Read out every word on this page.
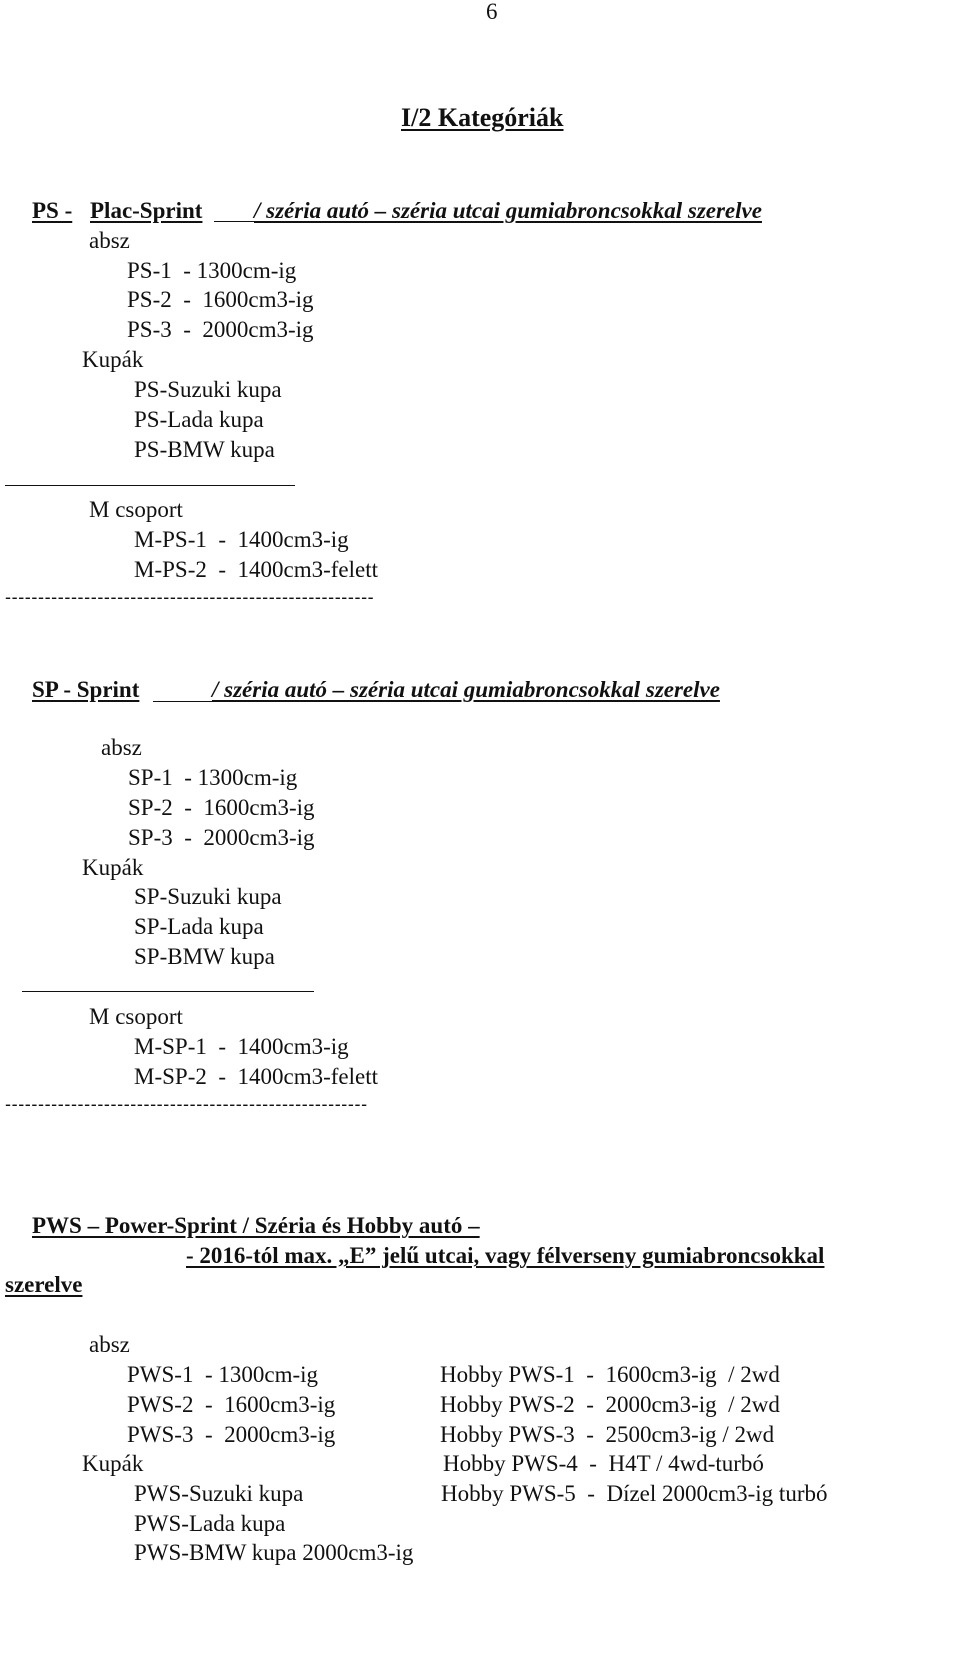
6
I/2 Kategóriák
PS - Plac-Sprint / széria autó – széria utcai gumiabroncsokkal szerelve
absz
PS-1  - 1300cm-ig
PS-2  -  1600cm3-ig
PS-3  -  2000cm3-ig
Kupák
PS-Suzuki kupa
PS-Lada kupa
PS-BMW kupa
M csoport
M-PS-1  -  1400cm3-ig
M-PS-2  -  1400cm3-felett
--------------------------------------------------------
SP - Sprint	/ széria autó – széria utcai gumiabroncsokkal szerelve
absz
SP-1  - 1300cm-ig
SP-2  -  1600cm3-ig
SP-3  -  2000cm3-ig
Kupák
SP-Suzuki kupa
SP-Lada kupa
SP-BMW kupa
M csoport
M-SP-1  -  1400cm3-ig
M-SP-2  -  1400cm3-felett
-------------------------------------------------------
PWS – Power-Sprint / Széria és Hobby autó –
- 2016-tól max. „E” jelű utcai, vagy félverseny gumiabroncsokkal
szerelve
absz
PWS-1  - 1300cm-ig
PWS-2  -  1600cm3-ig
PWS-3  -  2000cm3-ig
Kupák
PWS-Suzuki kupa
PWS-Lada kupa
PWS-BMW kupa 2000cm3-ig
Hobby PWS-1  -  1600cm3-ig  / 2wd
Hobby PWS-2  -  2000cm3-ig  / 2wd
Hobby PWS-3  -  2500cm3-ig / 2wd
Hobby PWS-4  -  H4T / 4wd-turbó
Hobby PWS-5  -  Dízel 2000cm3-ig turbó
